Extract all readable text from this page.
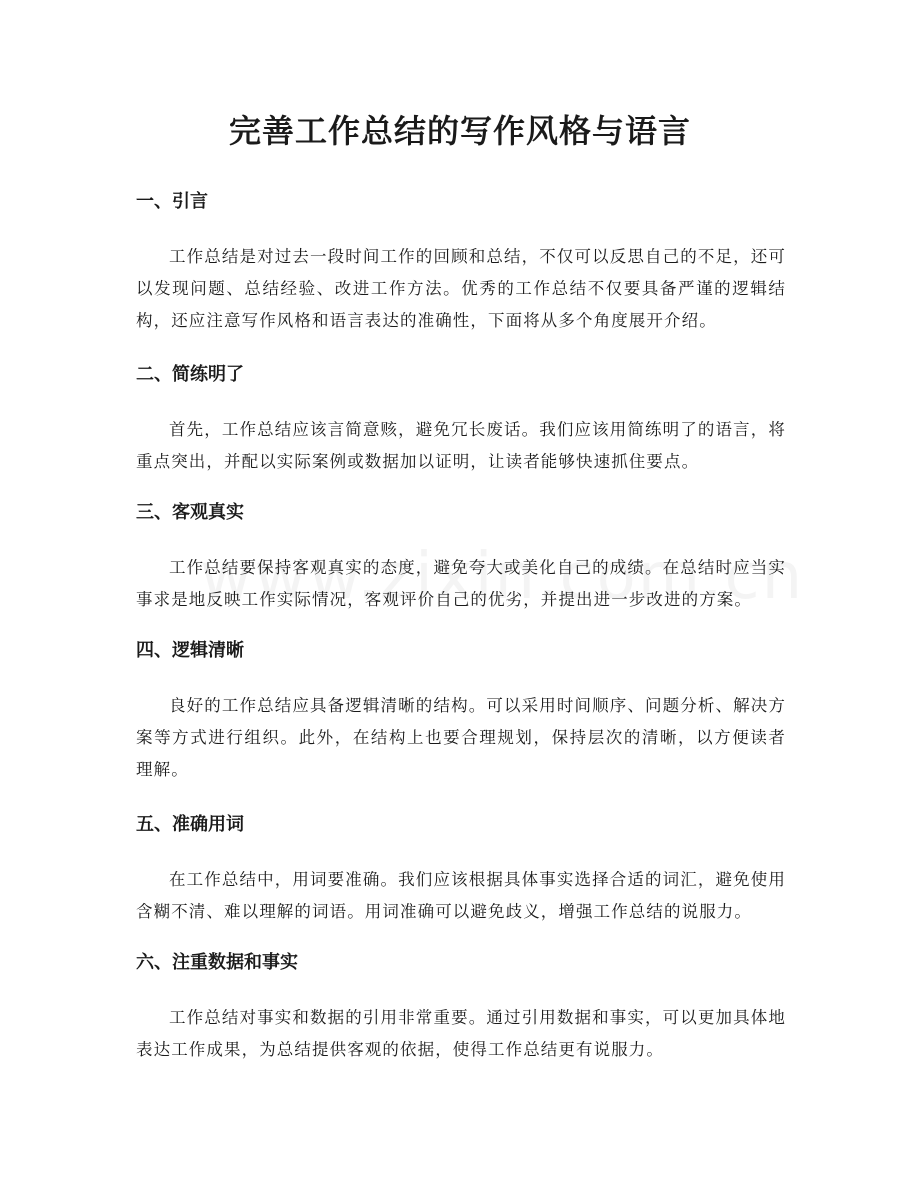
完善工作总结的写作风格与语言
一、引言

工作总结是对过去一段时间工作的回顾和总结，不仅可以反思自己的不足，还可以发现问题、总结经验、改进工作方法。优秀的工作总结不仅要具备严谨的逻辑结构，还应注意写作风格和语言表达的准确性，下面将从多个角度展开介绍。

二、简练明了

首先，工作总结应该言简意赅，避免冗长废话。我们应该用简练明了的语言，将重点突出，并配以实际案例或数据加以证明，让读者能够快速抓住要点。

三、客观真实

工作总结要保持客观真实的态度，避免夸大或美化自己的成绩。在总结时应当实事求是地反映工作实际情况，客观评价自己的优劣，并提出进一步改进的方案。

四、逻辑清晰

良好的工作总结应具备逻辑清晰的结构。可以采用时间顺序、问题分析、解决方案等方式进行组织。此外，在结构上也要合理规划，保持层次的清晰，以方便读者理解。

五、准确用词

在工作总结中，用词要准确。我们应该根据具体事实选择合适的词汇，避免使用含糊不清、难以理解的词语。用词准确可以避免歧义，增强工作总结的说服力。

六、注重数据和事实

工作总结对事实和数据的引用非常重要。通过引用数据和事实，可以更加具体地表达工作成果，为总结提供客观的依据，使得工作总结更有说服力。
